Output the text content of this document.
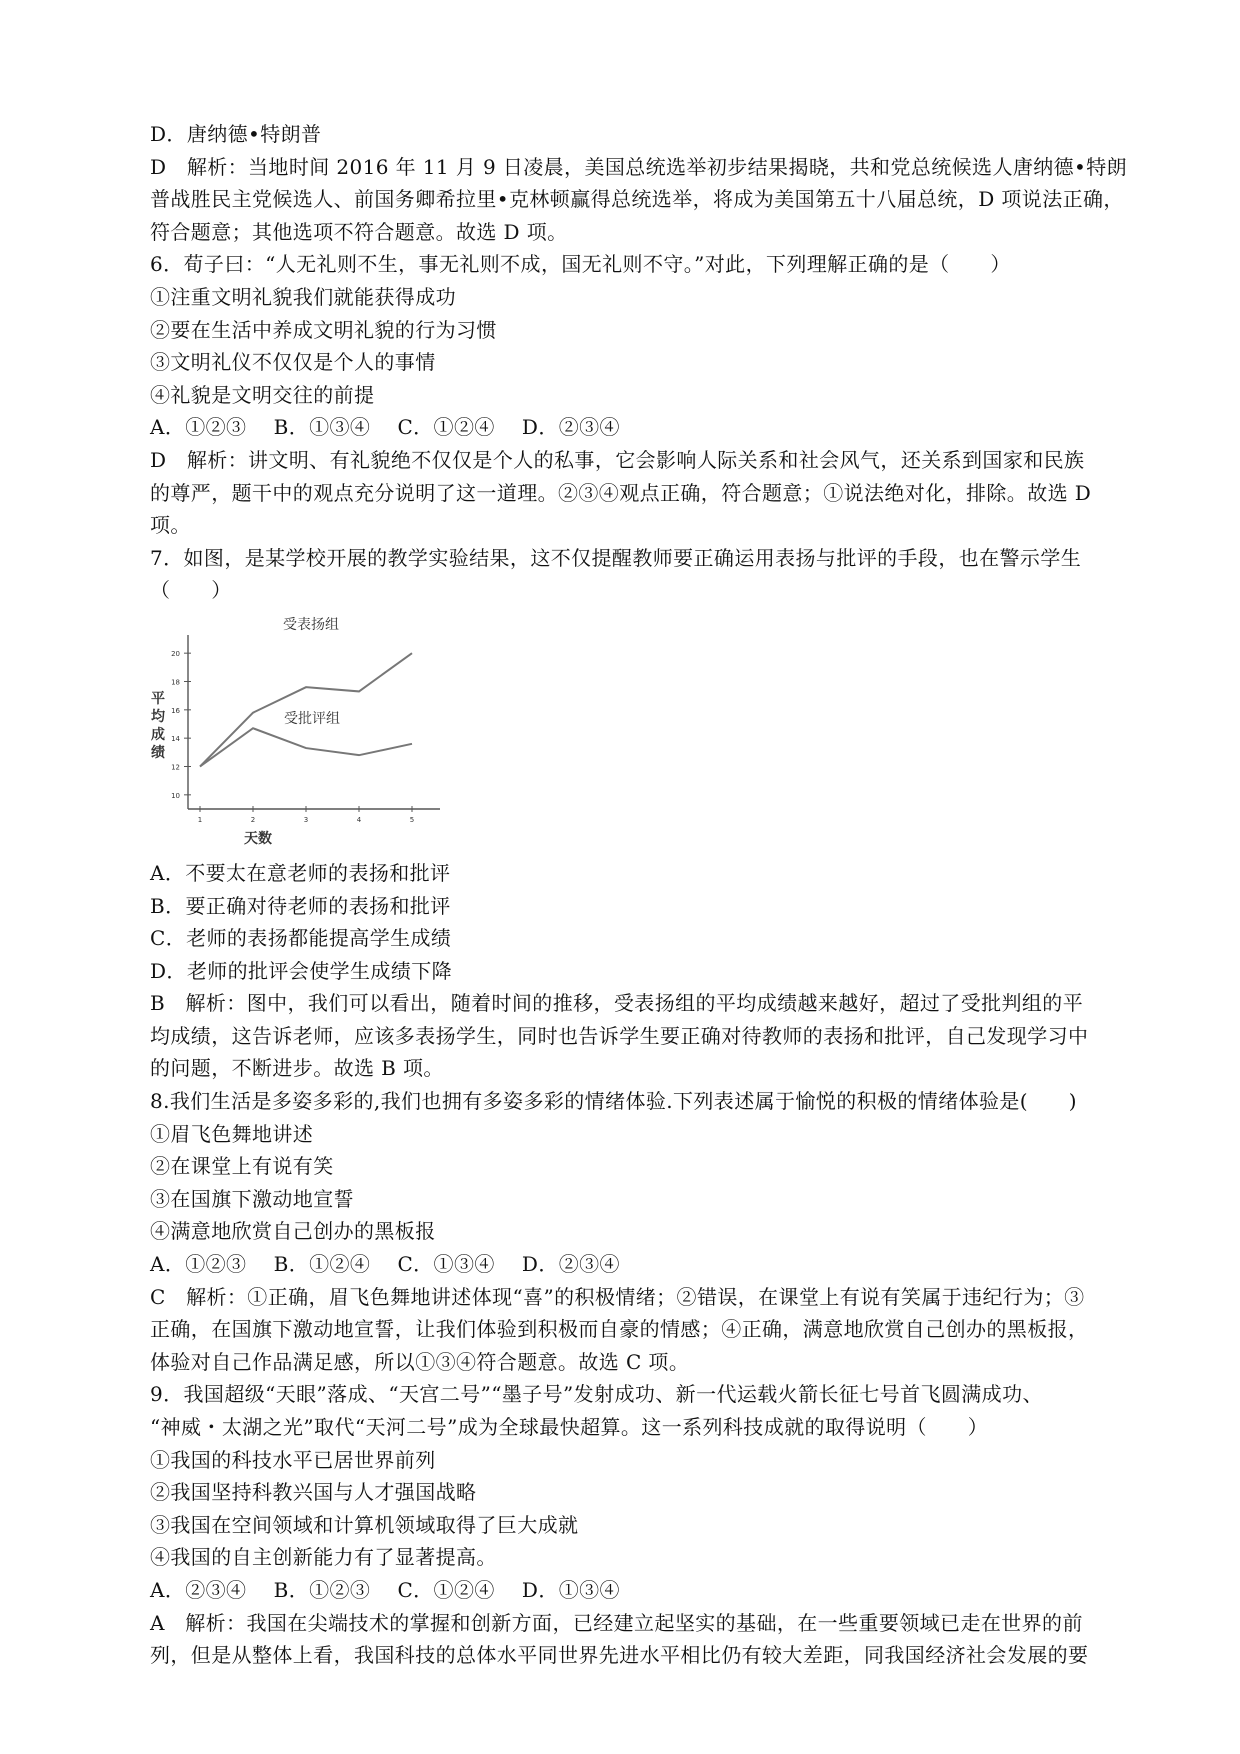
D．唐纳德•特朗普
D　解析：当地时间 2016 年 11 月 9 日凌晨，美国总统选举初步结果揭晓，共和党总统候选人唐纳德•特朗
普战胜民主党候选人、前国务卿希拉里•克林顿赢得总统选举，将成为美国第五十八届总统，D 项说法正确，
符合题意；其他选项不符合题意。故选 D 项。
6．荀子曰：“人无礼则不生，事无礼则不成，国无礼则不守。”对此，下列理解正确的是（　　）
①注重文明礼貌我们就能获得成功
②要在生活中养成文明礼貌的行为习惯
③文明礼仪不仅仅是个人的事情
④礼貌是文明交往的前提
A．①②③　 B．①③④　 C．①②④　 D．②③④
D　解析：讲文明、有礼貌绝不仅仅是个人的私事，它会影响人际关系和社会风气，还关系到国家和民族
的尊严，题干中的观点充分说明了这一道理。②③④观点正确，符合题意；①说法绝对化，排除。故选 D
项。
7．如图，是某学校开展的教学实验结果，这不仅提醒教师要正确运用表扬与批评的手段，也在警示学生
（　　）
10
12
14
16
18
20
1	2	3	4	5
平
均
成
绩
天数
受表扬组
受批评组
A．不要太在意老师的表扬和批评
B．要正确对待老师的表扬和批评
C．老师的表扬都能提高学生成绩
D．老师的批评会使学生成绩下降
B　解析：图中，我们可以看出，随着时间的推移，受表扬组的平均成绩越来越好，超过了受批判组的平
均成绩，这告诉老师，应该多表扬学生，同时也告诉学生要正确对待教师的表扬和批评，自己发现学习中
的问题，不断进步。故选 B 项。
8.我们生活是多姿多彩的,我们也拥有多姿多彩的情绪体验.下列表述属于愉悦的积极的情绪体验是(　　)
①眉飞色舞地讲述
②在课堂上有说有笑
③在国旗下激动地宣誓
④满意地欣赏自己创办的黑板报
A．①②③　 B．①②④　 C．①③④　 D．②③④
C　解析：①正确，眉飞色舞地讲述体现“喜”的积极情绪；②错误，在课堂上有说有笑属于违纪行为；③
正确，在国旗下激动地宣誓，让我们体验到积极而自豪的情感；④正确，满意地欣赏自己创办的黑板报，
体验对自己作品满足感，所以①③④符合题意。故选 C 项。
9．我国超级“天眼”落成、“天宫二号”“墨子号”发射成功、新一代运载火箭长征七号首飞圆满成功、
“神威・太湖之光”取代“天河二号”成为全球最快超算。这一系列科技成就的取得说明（　　）
①我国的科技水平已居世界前列
②我国坚持科教兴国与人才强国战略
③我国在空间领域和计算机领域取得了巨大成就
④我国的自主创新能力有了显著提高。
A．②③④　 B．①②③　 C．①②④　 D．①③④
A　解析：我国在尖端技术的掌握和创新方面，已经建立起坚实的基础，在一些重要领域已走在世界的前
列，但是从整体上看，我国科技的总体水平同世界先进水平相比仍有较大差距，同我国经济社会发展的要
